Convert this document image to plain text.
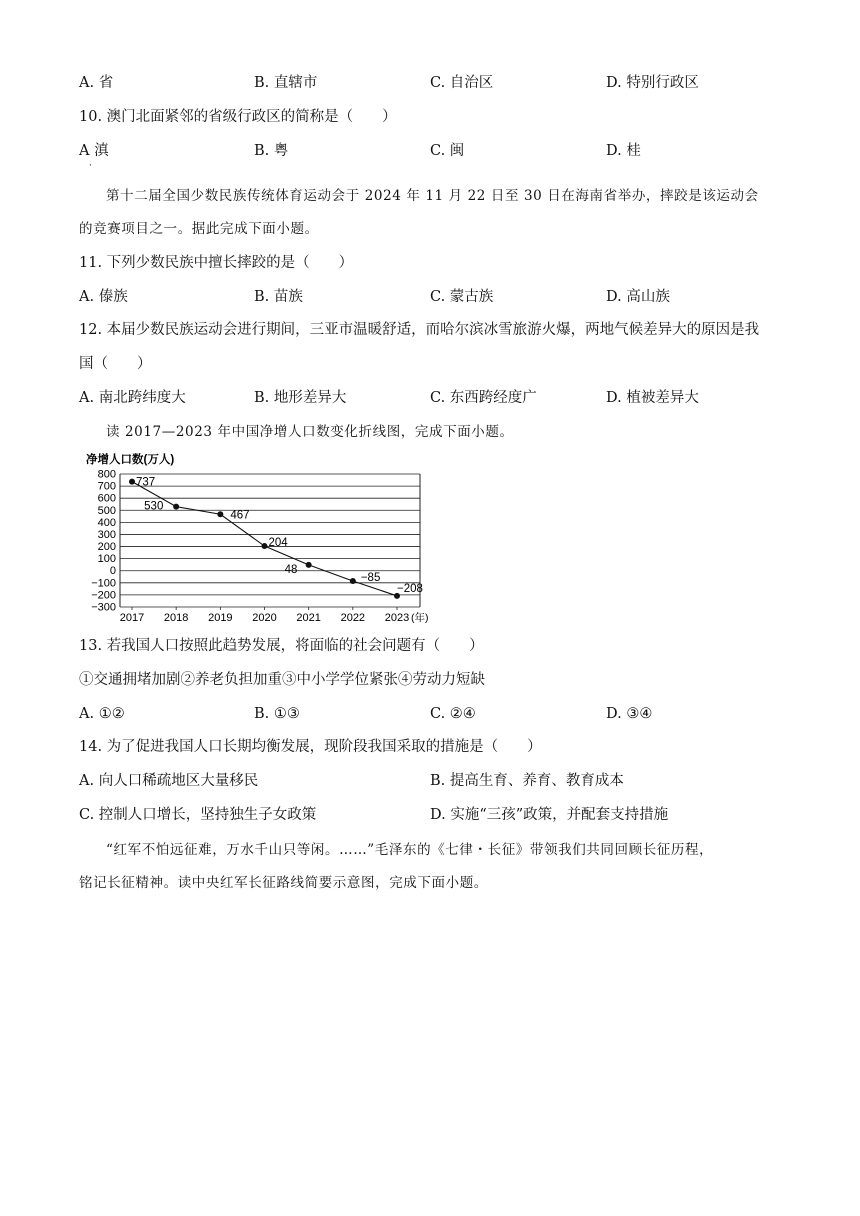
A. 省	B. 直辖市	C. 自治区	D. 特别行政区
10. 澳门北面紧邻的省级行政区的简称是（　　）
A 滇
·
B. 粤	C. 闽	D. 桂
第十二届全国少数民族传统体育运动会于 2024 年 11 月 22 日至 30 日在海南省举办，摔跤是该运动会
的竞赛项目之一。据此完成下面小题。
11. 下列少数民族中擅长摔跤的是（　　）
A. 傣族	B. 苗族	C. 蒙古族	D. 高山族
12. 本届少数民族运动会进行期间，三亚市温暖舒适，而哈尔滨冰雪旅游火爆，两地气候差异大的原因是我
国（　　）
A. 南北跨纬度大	B. 地形差异大	C. 东西跨经度广	D. 植被差异大
读 2017—2023 年中国净增人口数变化折线图，完成下面小题。
净增人口数(万人)
800
700
600
500
400
300
200
100
0
−100
−200
−300
2017 2018 2019 2020 2021 2022 2023
737
530
467
204
48
−85
−208
(年)
13. 若我国人口按照此趋势发展，将面临的社会问题有（　　）
①交通拥堵加剧②养老负担加重③中小学学位紧张④劳动力短缺
A. ①②	B. ①③	C. ②④	D. ③④
14. 为了促进我国人口长期均衡发展，现阶段我国采取的措施是（　　）
A. 向人口稀疏地区大量移民	B. 提高生育、养育、教育成本
C. 控制人口增长，坚持独生子女政策	D. 实施“三孩”政策，并配套支持措施
“红军不怕远征难，万水千山只等闲。……”毛泽东的《七律・长征》带领我们共同回顾长征历程，
铭记长征精神。读中央红军长征路线简要示意图，完成下面小题。
